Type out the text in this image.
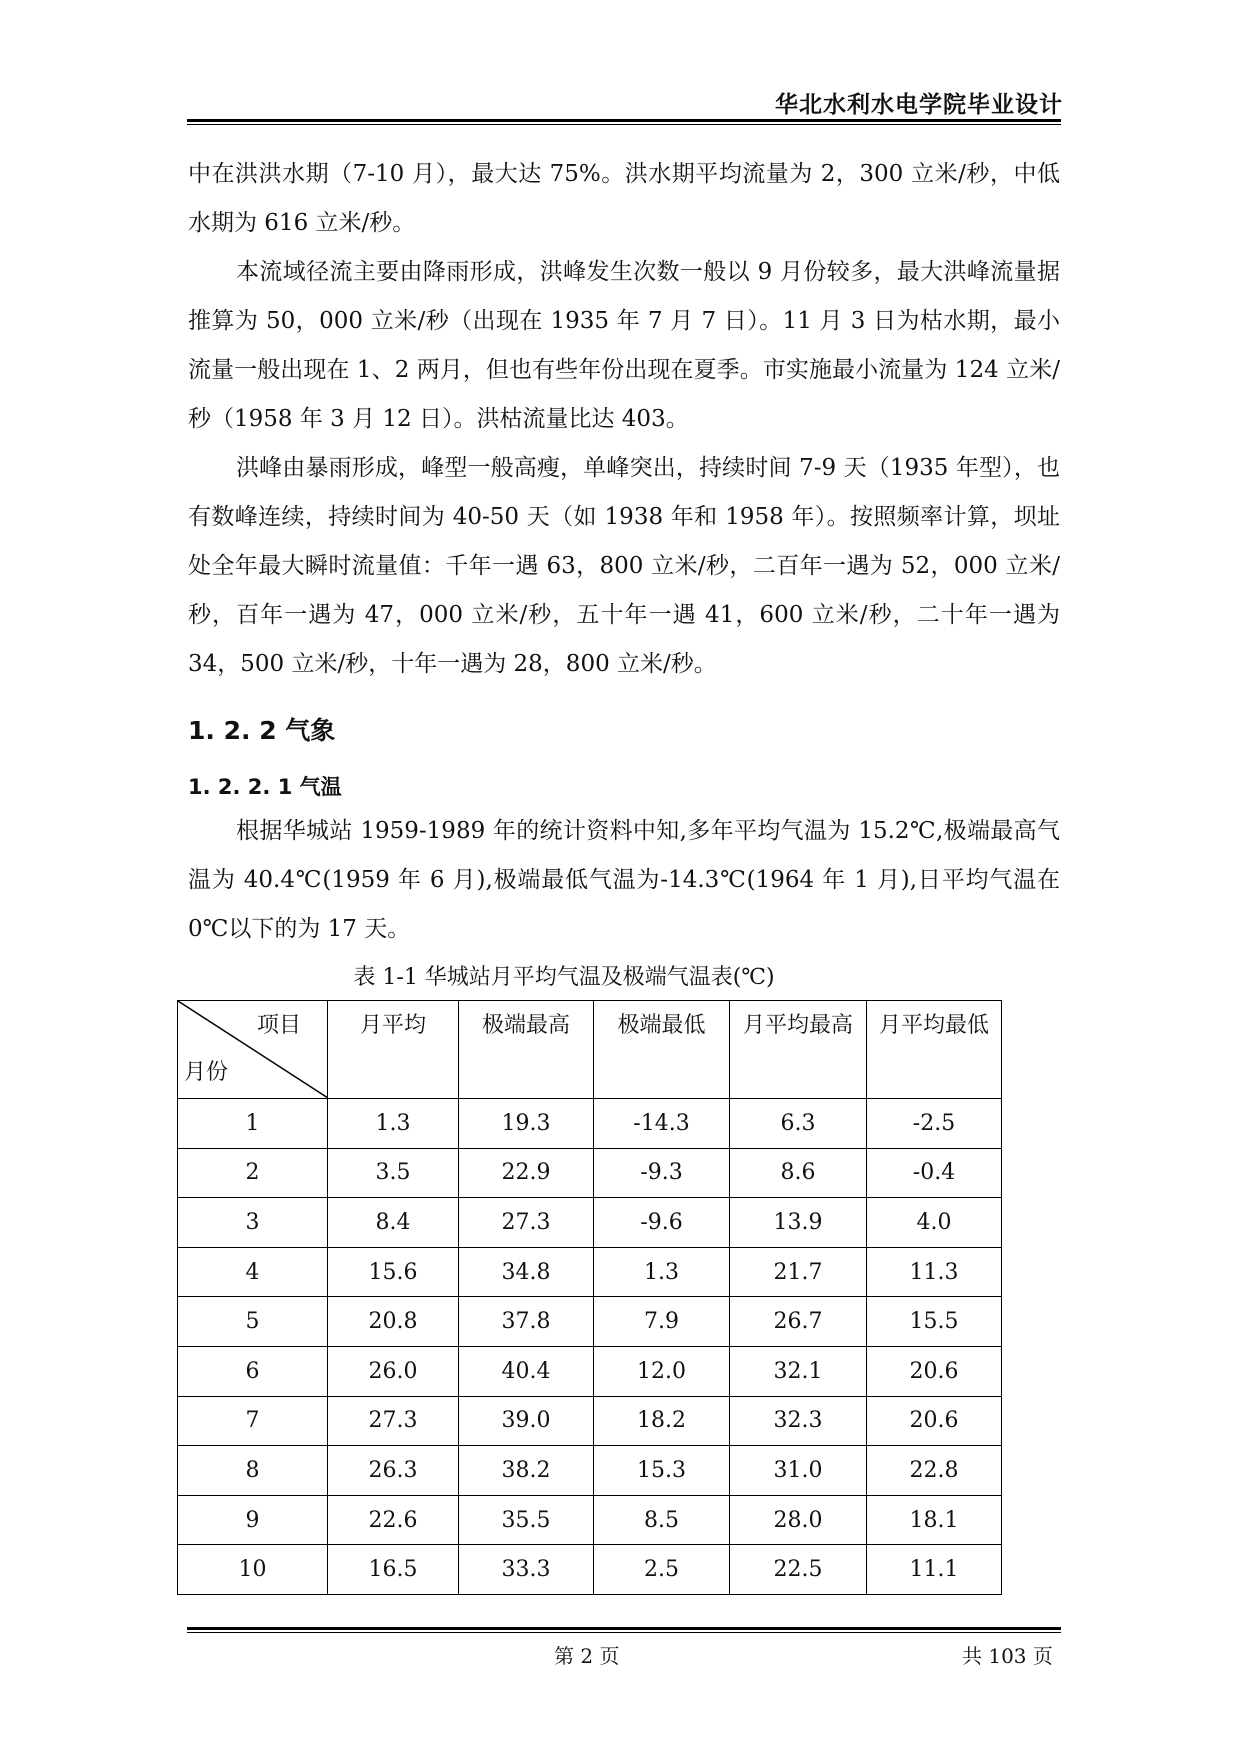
华北水利水电学院毕业设计

中在洪洪水期（7-10 月），最大达 75%。洪水期平均流量为 2，300 立米/秒，中低水期为 616 立米/秒。

本流域径流主要由降雨形成，洪峰发生次数一般以 9 月份较多，最大洪峰流量据推算为 50，000 立米/秒（出现在 1935 年 7 月 7 日）。11 月 3 日为枯水期，最小流量一般出现在 1、2 两月，但也有些年份出现在夏季。市实施最小流量为 124 立米/秒（1958 年 3 月 12 日）。洪枯流量比达 403。

洪峰由暴雨形成，峰型一般高瘦，单峰突出，持续时间 7-9 天（1935 年型），也有数峰连续，持续时间为 40-50 天（如 1938 年和 1958 年）。按照频率计算，坝址处全年最大瞬时流量值：千年一遇 63，800 立米/秒，二百年一遇为 52，000 立米/秒，百年一遇为 47，000 立米/秒，五十年一遇 41，600 立米/秒，二十年一遇为 34，500 立米/秒，十年一遇为 28，800 立米/秒。

1. 2. 2 气象
1. 2. 2. 1 气温

根据华城站 1959-1989 年的统计资料中知,多年平均气温为 15.2℃,极端最高气温为 40.4℃(1959 年 6 月),极端最低气温为-14.3℃(1964 年 1 月),日平均气温在 0℃以下的为 17 天。

表 1-1 华城站月平均气温及极端气温表(℃)

项目
月份	月平均	极端最高	极端最低	月平均最高	月平均最低
1	1.3	19.3	-14.3	6.3	-2.5
2	3.5	22.9	-9.3	8.6	-0.4
3	8.4	27.3	-9.6	13.9	4.0
4	15.6	34.8	1.3	21.7	11.3
5	20.8	37.8	7.9	26.7	15.5
6	26.0	40.4	12.0	32.1	20.6
7	27.3	39.0	18.2	32.3	20.6
8	26.3	38.2	15.3	31.0	22.8
9	22.6	35.5	8.5	28.0	18.1
10	16.5	33.3	2.5	22.5	11.1
第 2 页	共 103 页
